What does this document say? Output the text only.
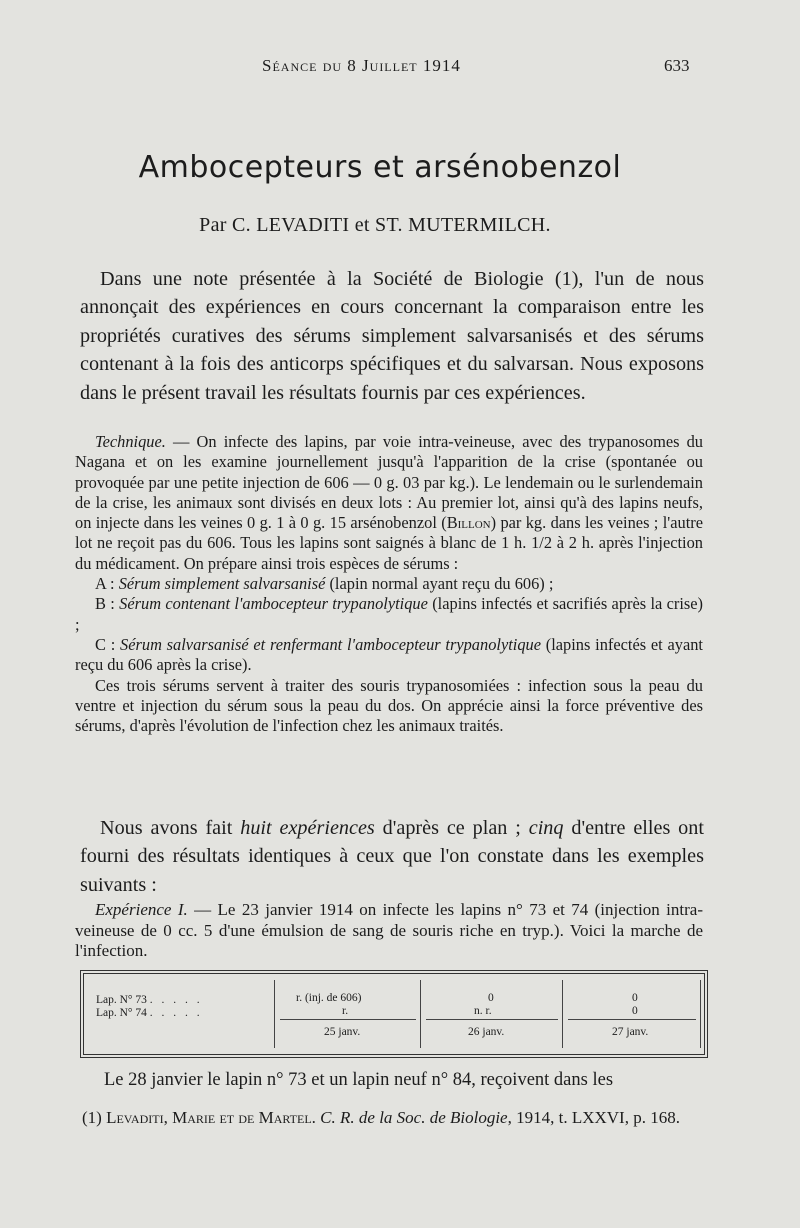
Séance du 8 Juillet 1914	633
Ambocepteurs et arsénobenzol
Par C. LEVADITI et ST. MUTERMILCH.

Dans une note présentée à la Société de Biologie (1), l'un de nous annonçait des expériences en cours concernant la comparaison entre les propriétés curatives des sérums simplement salvarsanisés et des sérums contenant à la fois des anticorps spécifiques et du salvarsan. Nous exposons dans le présent travail les résultats fournis par ces expériences.

Technique. — On infecte des lapins, par voie intra-veineuse, avec des trypanosomes du Nagana et on les examine journellement jusqu'à l'apparition de la crise (spontanée ou provoquée par une petite injection de 606 — 0 g. 03 par kg.). Le lendemain ou le surlendemain de la crise, les animaux sont divisés en deux lots : Au premier lot, ainsi qu'à des lapins neufs, on injecte dans les veines 0 g. 1 à 0 g. 15 arsénobenzol (Billon) par kg. dans les veines ; l'autre lot ne reçoit pas du 606. Tous les lapins sont saignés à blanc de 1 h. 1/2 à 2 h. après l'injection du médicament. On prépare ainsi trois espèces de sérums :

A : Sérum simplement salvarsanisé (lapin normal ayant reçu du 606) ;

B : Sérum contenant l'ambocepteur trypanolytique (lapins infectés et sacrifiés après la crise) ;

C : Sérum salvarsanisé et renfermant l'ambocepteur trypanolytique (lapins infectés et ayant reçu du 606 après la crise).

Ces trois sérums servent à traiter des souris trypanosomiées : infection sous la peau du ventre et injection du sérum sous la peau du dos. On apprécie ainsi la force préventive des sérums, d'après l'évolution de l'infection chez les animaux traités.

Nous avons fait huit expériences d'après ce plan ; cinq d'entre elles ont fourni des résultats identiques à ceux que l'on constate dans les exemples suivants :

Expérience I. — Le 23 janvier 1914 on infecte les lapins n° 73 et 74 (injection intra-veineuse de 0 cc. 5 d'une émulsion de sang de souris riche en tryp.). Voici la marche de l'infection.

Lap. N° 73 . . . . .
Lap. N° 74 . . . . .
r. (inj. de 606)
r.
25 janv.
0
n. r.
26 janv.
0
0
27 janv.

Le 28 janvier le lapin n° 73 et un lapin neuf n° 84, reçoivent dans les

(1) Levaditi, Marie et de Martel. C. R. de la Soc. de Biologie, 1914, t. LXXVI, p. 168.
